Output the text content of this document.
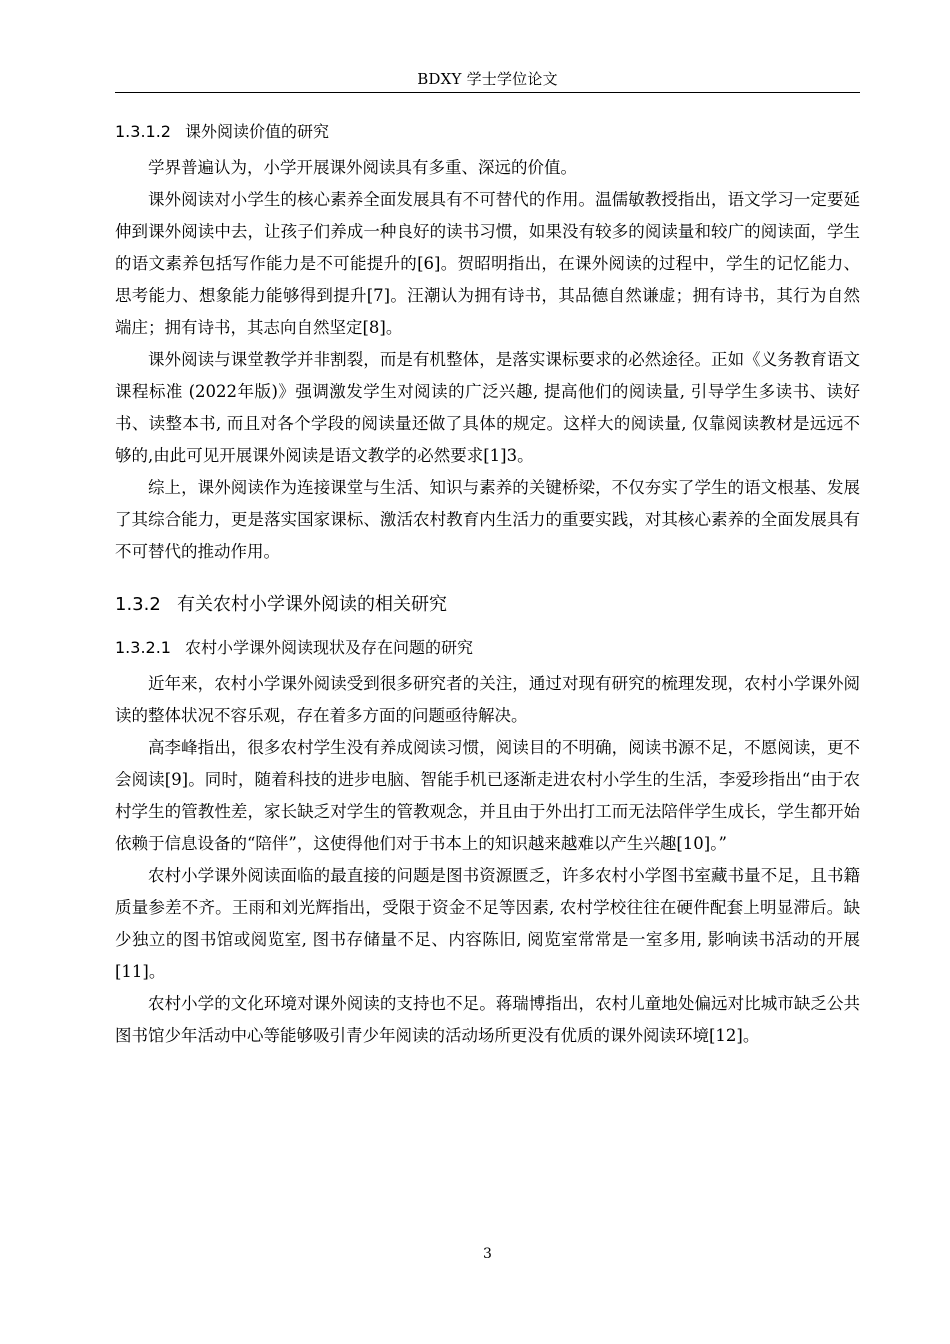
BDXY 学士学位论文
1.3.1.2 课外阅读价值的研究

学界普遍认为，小学开展课外阅读具有多重、深远的价值。

课外阅读对小学生的核心素养全面发展具有不可替代的作用。温儒敏教授指出，语文学习一定要延伸到课外阅读中去，让孩子们养成一种良好的读书习惯，如果没有较多的阅读量和较广的阅读面，学生的语文素养包括写作能力是不可能提升的[6]。贺昭明指出，在课外阅读的过程中，学生的记忆能力、思考能力、想象能力能够得到提升[7]。汪潮认为拥有诗书，其品德自然谦虚；拥有诗书，其行为自然端庄；拥有诗书，其志向自然坚定[8]。

课外阅读与课堂教学并非割裂，而是有机整体，是落实课标要求的必然途径。正如《义务教育语文课程标准 (2022年版)》强调激发学生对阅读的广泛兴趣, 提高他们的阅读量, 引导学生多读书、读好书、读整本书, 而且对各个学段的阅读量还做了具体的规定。这样大的阅读量, 仅靠阅读教材是远远不够的,由此可见开展课外阅读是语文教学的必然要求[1]3。

综上，课外阅读作为连接课堂与生活、知识与素养的关键桥梁，不仅夯实了学生的语文根基、发展了其综合能力，更是落实国家课标、激活农村教育内生活力的重要实践，对其核心素养的全面发展具有不可替代的推动作用。

1.3.2 有关农村小学课外阅读的相关研究
1.3.2.1 农村小学课外阅读现状及存在问题的研究

近年来，农村小学课外阅读受到很多研究者的关注，通过对现有研究的梳理发现，农村小学课外阅读的整体状况不容乐观，存在着多方面的问题亟待解决。

高李峰指出，很多农村学生没有养成阅读习惯，阅读目的不明确，阅读书源不足，不愿阅读，更不会阅读[9]。同时，随着科技的进步电脑、智能手机已逐渐走进农村小学生的生活，李爱珍指出“由于农村学生的管教性差，家长缺乏对学生的管教观念，并且由于外出打工而无法陪伴学生成长，学生都开始依赖于信息设备的“陪伴”，这使得他们对于书本上的知识越来越难以产生兴趣[10]。”

农村小学课外阅读面临的最直接的问题是图书资源匮乏，许多农村小学图书室藏书量不足，且书籍质量参差不齐。王雨和刘光辉指出，受限于资金不足等因素, 农村学校往往在硬件配套上明显滞后。缺少独立的图书馆或阅览室, 图书存储量不足、内容陈旧, 阅览室常常是一室多用, 影响读书活动的开展[11]。

农村小学的文化环境对课外阅读的支持也不足。蒋瑞博指出，农村儿童地处偏远对比城市缺乏公共图书馆少年活动中心等能够吸引青少年阅读的活动场所更没有优质的课外阅读环境[12]。

3
